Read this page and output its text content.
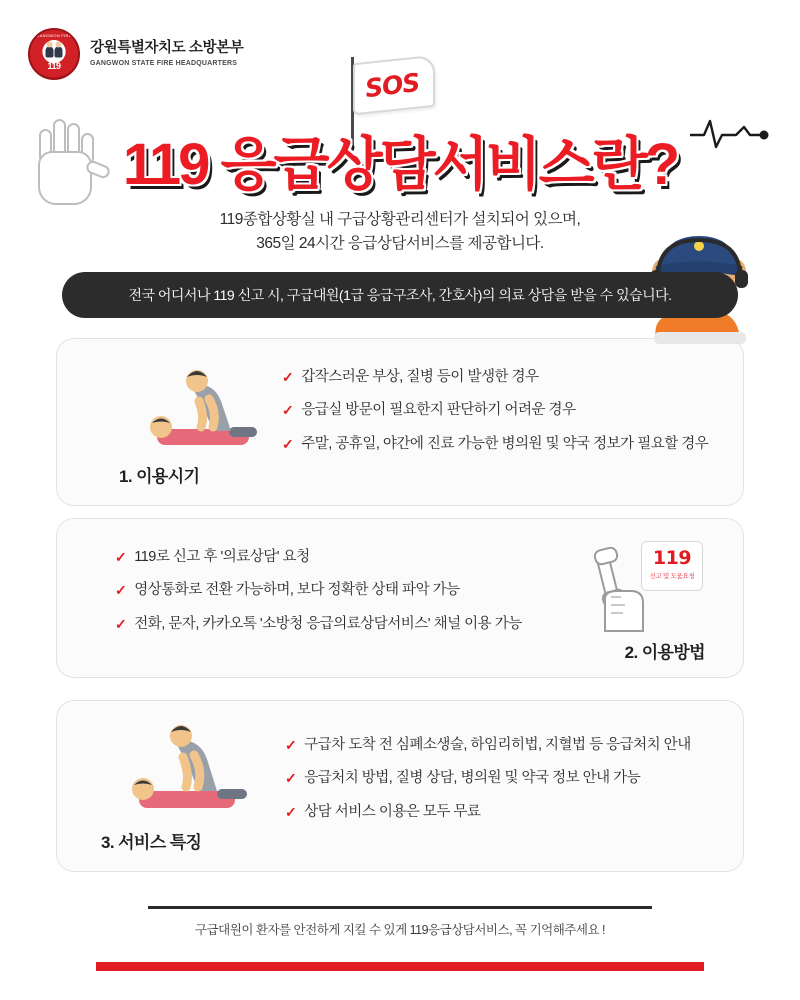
GANGWON FIRE
119
강원특별자치도 소방본부
GANGWON STATE FIRE HEADQUARTERS
SOS
119 응급상담서비스란?
119종합상황실 내 구급상황관리센터가 설치되어 있으며,
365일 24시간 응급상담서비스를 제공합니다.
전국 어디서나 119 신고 시, 구급대원(1급 응급구조사, 간호사)의 의료 상담을 받을 수 있습니다.
1. 이용시기
✓ 갑작스러운 부상, 질병 등이 발생한 경우
✓ 응급실 방문이 필요한지 판단하기 어려운 경우
✓ 주말, 공휴일, 야간에 진료 가능한 병의원 및 약국 정보가 필요할 경우
✓ 119로 신고 후 '의료상담' 요청
✓ 영상통화로 전환 가능하며, 보다 정확한 상태 파악 가능
✓ 전화, 문자, 카카오톡 '소방청 응급의료상담서비스' 채널 이용 가능
119
신고 및 도움요청
2. 이용방법
3. 서비스 특징
✓ 구급차 도착 전 심폐소생술, 하임리히법, 지혈법 등 응급처치 안내
✓ 응급처치 방법, 질병 상담, 병의원 및 약국 정보 안내 가능
✓ 상담 서비스 이용은 모두 무료
구급대원이 환자를 안전하게 지킬 수 있게 119응급상담서비스, 꼭 기억해주세요 !
